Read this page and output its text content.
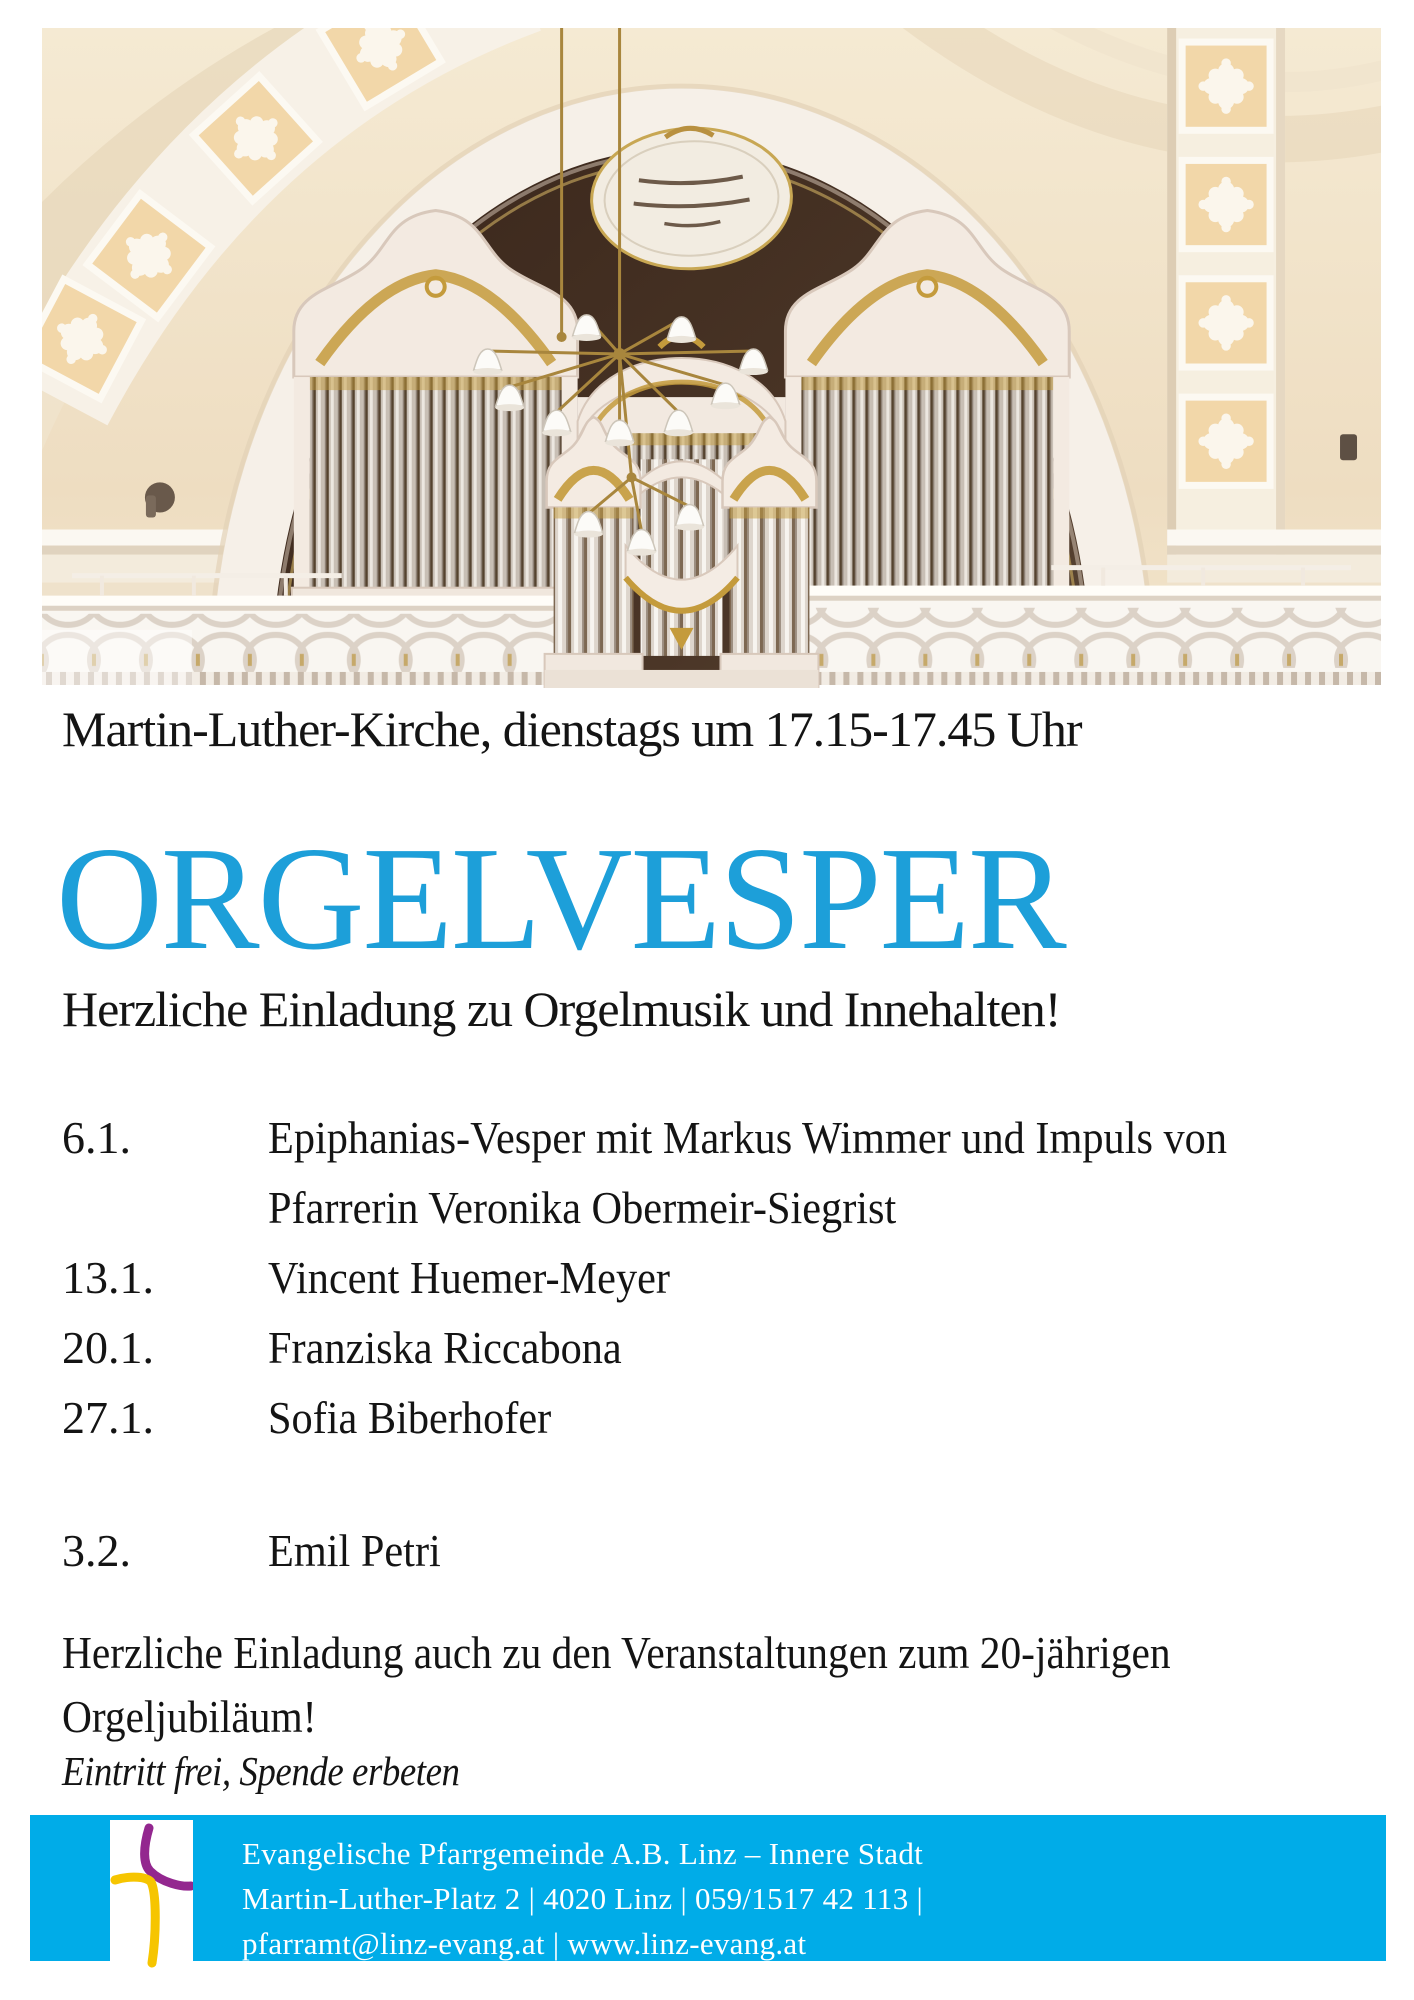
Martin-Luther-Kirche, dienstags um 17.15-17.45 Uhr
ORGELVESPER
Herzliche Einladung zu Orgelmusik und Innehalten!
6.1.	Epiphanias-Vesper mit Markus Wimmer und Impuls von
Pfarrerin Veronika Obermeir-Siegrist
13.1.	Vincent Huemer-Meyer
20.1.	Franziska Riccabona
27.1.	Sofia Biberhofer
3.2.	Emil Petri
Herzliche Einladung auch zu den Veranstaltungen zum 20-jährigen
Orgeljubiläum!
Eintritt frei, Spende erbeten
Evangelische Pfarrgemeinde A.B. Linz – Innere Stadt
Martin-Luther-Platz 2 | 4020 Linz | 059/1517 42 113 |
pfarramt@linz-evang.at | www.linz-evang.at
